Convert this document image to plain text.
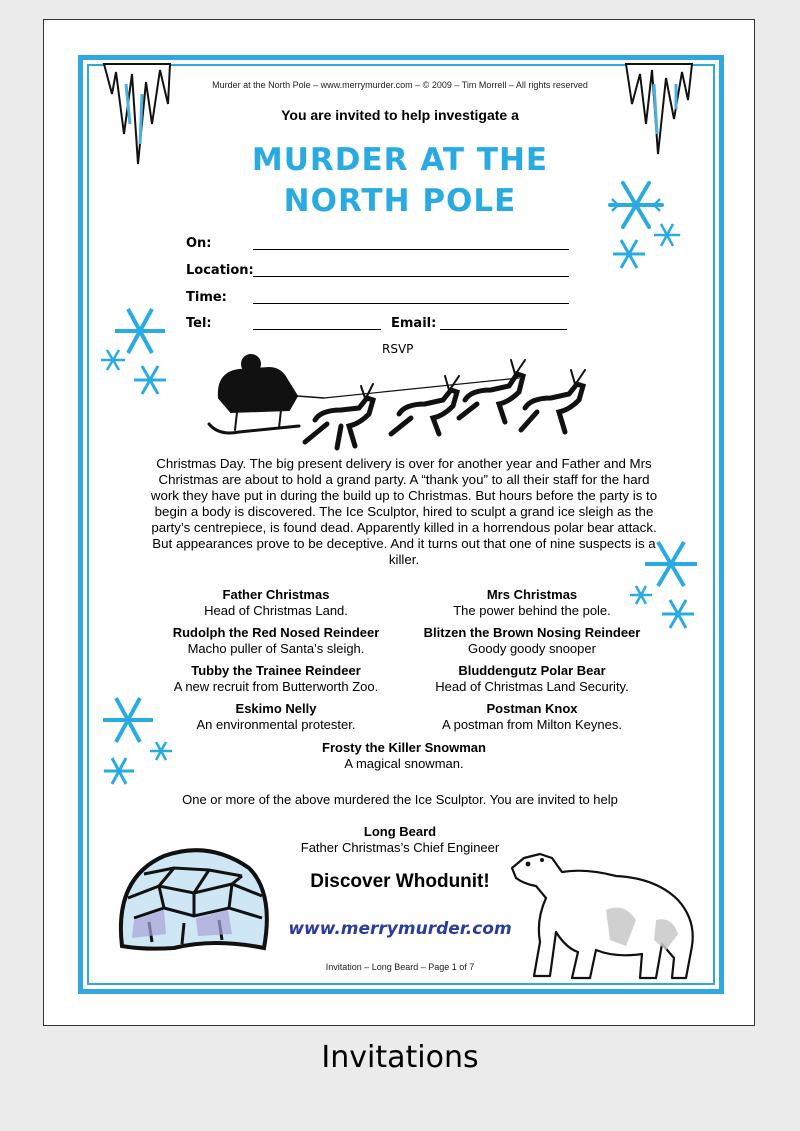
Murder at the North Pole – www.merrymurder.com – © 2009 – Tim Morrell – All rights reserved
You are invited to help investigate a
MURDER AT THE
NORTH POLE
On:
Location:
Time:
Tel:	Email:
RSVP
Christmas Day. The big present delivery is over for another year and Father and Mrs Christmas are about to hold a grand party. A “thank you” to all their staff for the hard work they have put in during the build up to Christmas. But hours before the party is to begin a body is discovered. The Ice Sculptor, hired to sculpt a grand ice sleigh as the party’s centrepiece, is found dead. Apparently killed in a horrendous polar bear attack. But appearances prove to be deceptive. And it turns out that one of nine suspects is a killer.
Father Christmas
Head of Christmas Land.
Mrs Christmas
The power behind the pole.
Rudolph the Red Nosed Reindeer
Macho puller of Santa’s sleigh.
Blitzen the Brown Nosing Reindeer
Goody goody snooper
Tubby the Trainee Reindeer
A new recruit from Butterworth Zoo.
Bluddengutz Polar Bear
Head of Christmas Land Security.
Eskimo Nelly
An environmental protester.
Postman Knox
A postman from Milton Keynes.
Frosty the Killer Snowman
A magical snowman.
One or more of the above murdered the Ice Sculptor. You are invited to help
Long Beard
Father Christmas’s Chief Engineer
Discover Whodunit!
www.merrymurder.com
Invitation – Long Beard – Page 1 of 7
Invitations
